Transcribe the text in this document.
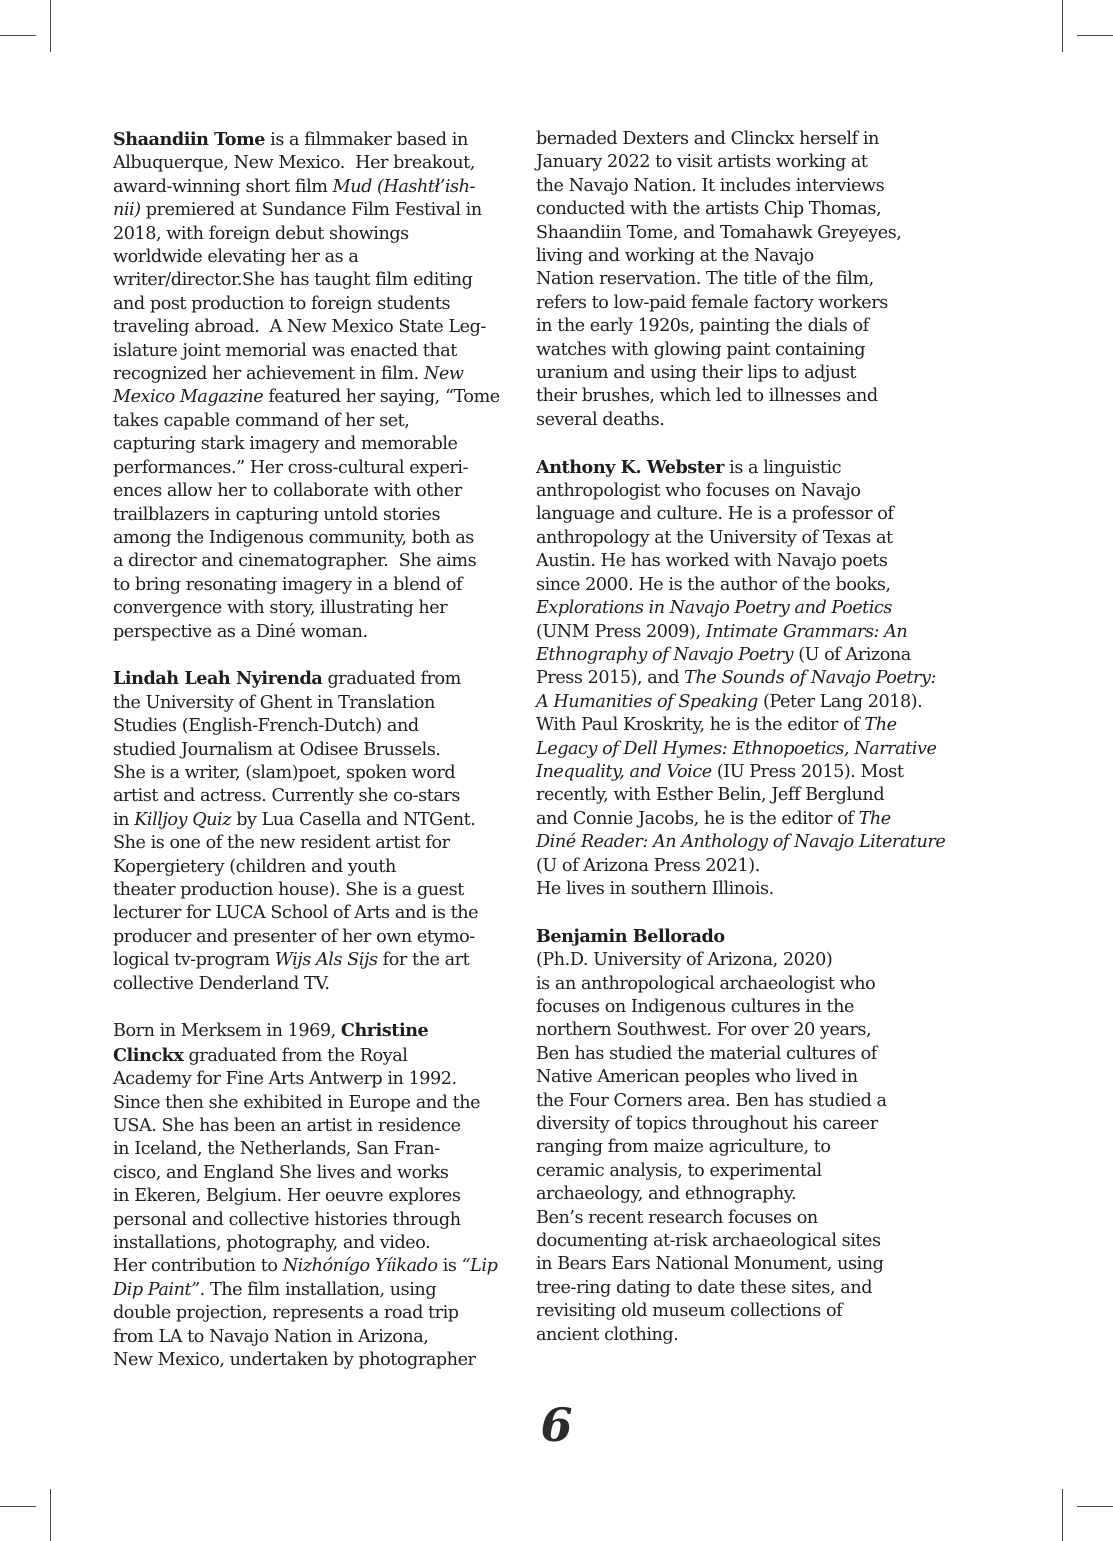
Shaandiin Tome is a filmmaker based in
Albuquerque, New Mexico.  Her breakout,
award-winning short film Mud (Hashtł’ish-
nii) premiered at Sundance Film Festival in
2018, with foreign debut showings
worldwide elevating her as a
writer/director.She has taught film editing
and post production to foreign students
traveling abroad.  A New Mexico State Leg-
islature joint memorial was enacted that
recognized her achievement in film. New
Mexico Magazine featured her saying, “Tome
takes capable command of her set,
capturing stark imagery and memorable
performances.” Her cross-cultural experi-
ences allow her to collaborate with other
trailblazers in capturing untold stories
among the Indigenous community, both as
a director and cinematographer.  She aims
to bring resonating imagery in a blend of
convergence with story, illustrating her
perspective as a Diné woman.
Lindah Leah Nyirenda graduated from
the University of Ghent in Translation
Studies (English-French-Dutch) and
studied Journalism at Odisee Brussels.
She is a writer, (slam)poet, spoken word
artist and actress. Currently she co-stars
in Killjoy Quiz by Lua Casella and NTGent.
She is one of the new resident artist for
Kopergietery (children and youth
theater production house). She is a guest
lecturer for LUCA School of Arts and is the
producer and presenter of her own etymo-
logical tv-program Wijs Als Sijs for the art
collective Denderland TV.
Born in Merksem in 1969, Christine
Clinckx graduated from the Royal
Academy for Fine Arts Antwerp in 1992.
Since then she exhibited in Europe and the
USA. She has been an artist in residence
in Iceland, the Netherlands, San Fran-
cisco, and England She lives and works
in Ekeren, Belgium. Her oeuvre explores
personal and collective histories through
installations, photography, and video.
Her contribution to Nizhónígo Yíikado is “Lip
Dip Paint”. The film installation, using
double projection, represents a road trip
from LA to Navajo Nation in Arizona,
New Mexico, undertaken by photographer
bernaded Dexters and Clinckx herself in
January 2022 to visit artists working at
the Navajo Nation. It includes interviews
conducted with the artists Chip Thomas,
Shaandiin Tome, and Tomahawk Greyeyes,
living and working at the Navajo
Nation reservation. The title of the film,
refers to low-paid female factory workers
in the early 1920s, painting the dials of
watches with glowing paint containing
uranium and using their lips to adjust
their brushes, which led to illnesses and
several deaths.
Anthony K. Webster is a linguistic
anthropologist who focuses on Navajo
language and culture. He is a professor of
anthropology at the University of Texas at
Austin. He has worked with Navajo poets
since 2000. He is the author of the books,
Explorations in Navajo Poetry and Poetics
(UNM Press 2009), Intimate Grammars: An
Ethnography of Navajo Poetry (U of Arizona
Press 2015), and The Sounds of Navajo Poetry:
A Humanities of Speaking (Peter Lang 2018).
With Paul Kroskrity, he is the editor of The
Legacy of Dell Hymes: Ethnopoetics, Narrative
Inequality, and Voice (IU Press 2015). Most
recently, with Esther Belin, Jeff Berglund
and Connie Jacobs, he is the editor of The
Diné Reader: An Anthology of Navajo Literature
(U of Arizona Press 2021).
He lives in southern Illinois.
Benjamin Bellorado
(Ph.D. University of Arizona, 2020)
is an anthropological archaeologist who
focuses on Indigenous cultures in the
northern Southwest. For over 20 years,
Ben has studied the material cultures of
Native American peoples who lived in
the Four Corners area. Ben has studied a
diversity of topics throughout his career
ranging from maize agriculture, to
ceramic analysis, to experimental
archaeology, and ethnography.
Ben’s recent research focuses on
documenting at-risk archaeological sites
in Bears Ears National Monument, using
tree-ring dating to date these sites, and
revisiting old museum collections of
ancient clothing.
6
